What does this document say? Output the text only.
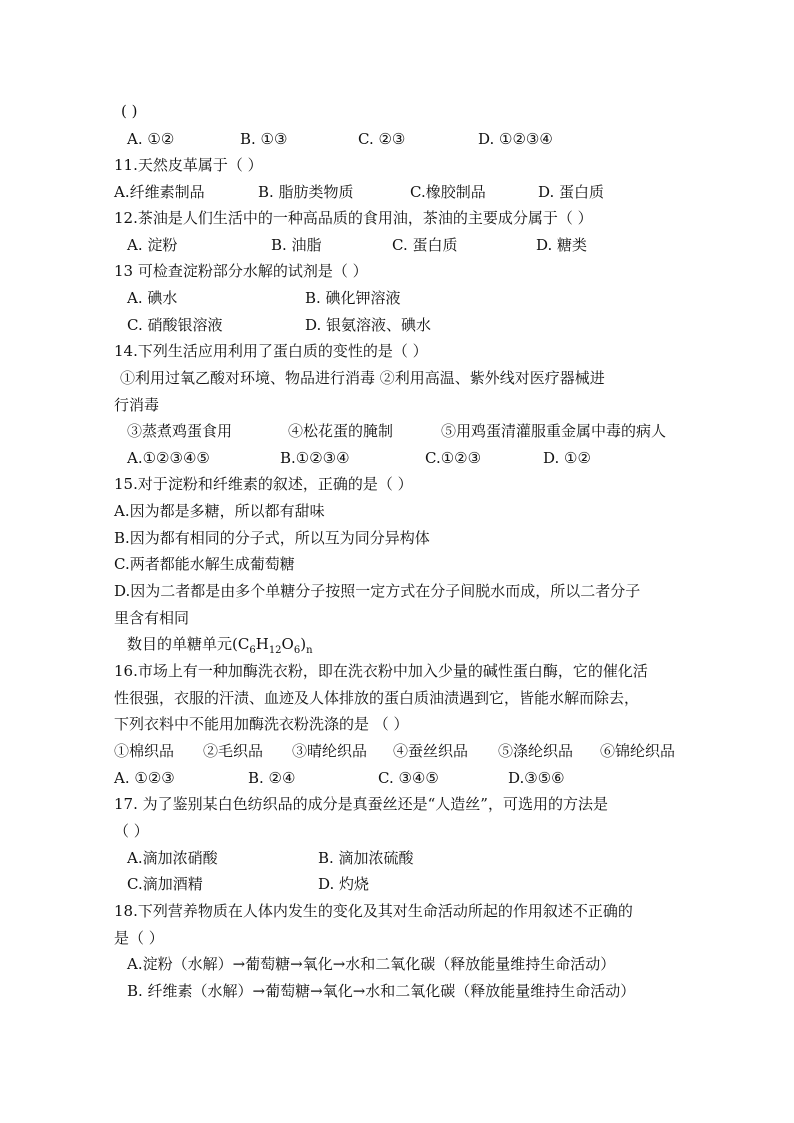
( )
A. ①②	B. ①③	C. ②③	D. ①②③④
11.天然皮革属于（ ）
A.纤维素制品	B. 脂肪类物质	C.橡胶制品	D. 蛋白质
12.茶油是人们生活中的一种高品质的食用油，茶油的主要成分属于（ ）
A. 淀粉	B. 油脂	C. 蛋白质	D. 糖类
13 可检查淀粉部分水解的试剂是（ ）
A. 碘水	B. 碘化钾溶液
C. 硝酸银溶液	D. 银氨溶液、碘水
14.下列生活应用利用了蛋白质的变性的是（ ）
①利用过氧乙酸对环境、物品进行消毒 ②利用高温、紫外线对医疗器械进
行消毒
③蒸煮鸡蛋食用	④松花蛋的腌制	⑤用鸡蛋清灌服重金属中毒的病人
A.①②③④⑤	B.①②③④	C.①②③	D. ①②
15.对于淀粉和纤维素的叙述，正确的是（ ）
A.因为都是多糖，所以都有甜味
B.因为都有相同的分子式，所以互为同分异构体
C.两者都能水解生成葡萄糖
D.因为二者都是由多个单糖分子按照一定方式在分子间脱水而成，所以二者分子
里含有相同
数目的单糖单元$(C_6H_{12}O_6)_n$
16.市场上有一种加酶洗衣粉，即在洗衣粉中加入少量的碱性蛋白酶，它的催化活
性很强，衣服的汗渍、血迹及人体排放的蛋白质油渍遇到它，皆能水解而除去，
下列衣料中不能用加酶洗衣粉洗涤的是 （ ）
①棉织品 ②毛织品 ③晴纶织品 ④蚕丝织品 ⑤涤纶织品 ⑥锦纶织品
A. ①②③	B. ②④	C. ③④⑤	D.③⑤⑥
17. 为了鉴别某白色纺织品的成分是真蚕丝还是“人造丝”，可选用的方法是
（ ）
A.滴加浓硝酸	B. 滴加浓硫酸
C.滴加酒精	D. 灼烧
18.下列营养物质在人体内发生的变化及其对生命活动所起的作用叙述不正确的
是（ ）
A.淀粉（水解）→葡萄糖→氧化→水和二氧化碳（释放能量维持生命活动）
B. 纤维素（水解）→葡萄糖→氧化→水和二氧化碳（释放能量维持生命活动）
